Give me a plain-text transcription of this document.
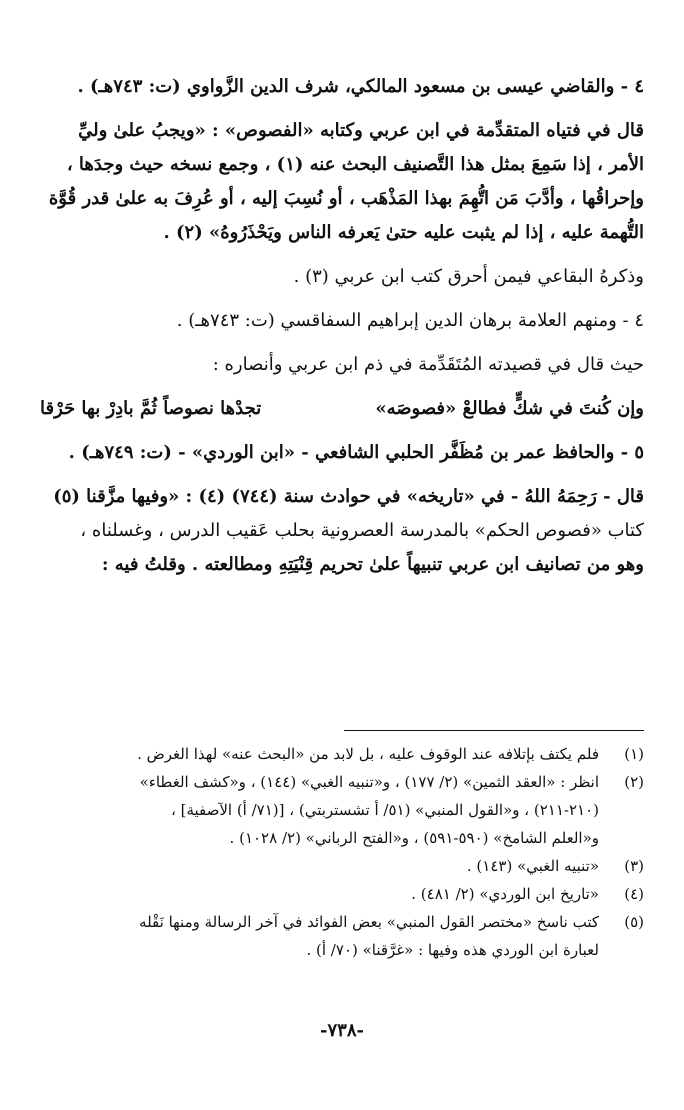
٤ - والقاضي عيسى بن مسعود المالكي، شرف الدين الزَّواوي (ت: ٧٤٣هـ) .

قال في فتياه المتقدِّمة في ابن عربي وكتابه «الفصوص» : «ويجبُ علىٰ وليِّ

الأمر ، إذا سَمِعَ بمثل هذا التَّصنيف البحث عنه (١) ، وجمع نسخه حيث وجدَها ،

وإحراقُها ، وأدَّبَ مَن اتُّهِمَ بهذا المَذْهَب ، أو نُسِبَ إليه ، أو عُرِفَ به علىٰ قدر قُوَّة

التُّهمة عليه ، إذا لم يثبت عليه حتىٰ يَعرفه الناس ويَحْذَرُوهُ» (٢) .

وذكرهُ البقاعي فيمن أحرق كتب ابن عربي (٣) .

٤ - ومنهم العلامة برهان الدين إبراهيم السفاقسي (ت: ٧٤٣هـ) .

حيث قال في قصيدته المُتَقَدِّمة في ذم ابن عربي وأنصاره :

وإن كُنتَ في شكٍّ فطالعْ «فصوصَه»
تجدْها نصوصاً ثُمَّ بادِرْ بها حَرْقا

٥ - والحافظ عمر بن مُظَفَّر الحلبي الشافعي - «ابن الوردي» - (ت: ٧٤٩هـ) .

قال - رَحِمَهُ اللهُ - في «تاريخه» في حوادث سنة (٧٤٤) (٤) : «وفيها مزَّقنا (٥)

كتاب «فصوص الحكم» بالمدرسة العصرونية بحلب عَقيب الدرس ، وغسلناه ،

وهو من تصانيف ابن عربي تنبيهاً علىٰ تحريم قِنْيَتِهِ ومطالعته . وقلتُ فيه :

(١)
فلم يكتف بإتلافه عند الوقوف عليه ، بل لابد من «البحث عنه» لهذا الغرض .
(٢)
انظر : «العقد الثمين» (٢/ ١٧٧) ، و«تنبيه الغبي» (١٤٤) ، و«كشف الغطاء»
(٢١٠-٢١١) ، و«القول المنبي» (٥١/ أ تشستربتي) ، [(٧١/ أ) الآصفية] ،
و«العلم الشامخ» (٥٩٠-٥٩١) ، و«الفتح الرباني» (٢/ ١٠٢٨) .
(٣)
«تنبيه الغبي» (١٤٣) .
(٤)
«تاريخ ابن الوردي» (٢/ ٤٨١) .
(٥)
كتب ناسخ «مختصر القول المنبي» بعض الفوائد في آخر الرسالة ومنها نَقْله
لعبارة ابن الوردي هذه وفيها : «غرَّقنا» (٧٠/ أ) .
-٧٣٨-
